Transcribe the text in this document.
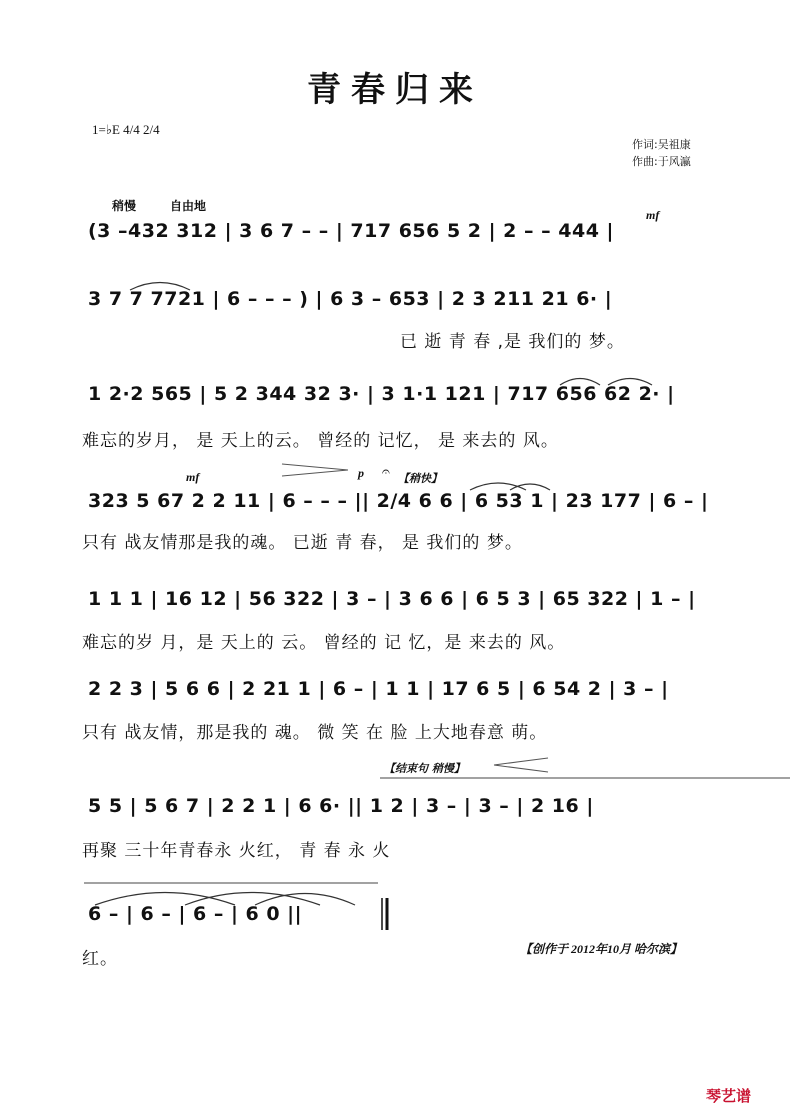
青春归来
1=♭E 4/4 2/4
作词:吴祖康
作曲:于风瀛
稍慢	自由地
mf
(3 –432 312 | 3 6 7 – – | 717 656 5 2 | 2 – – 444 |
3 7 7 7721 | 6 – – – ) | 6 3 – 653 | 2 3 211 21 6· |
已 逝 青 春 ,是 我们的 梦。
1 2·2 565 | 5 2 344 32 3· | 3 1·1 121 | 717 656 62 2· |
难忘的岁月， 是 天上的云。 曾经的 记忆， 是 来去的 风。
mf	p 𝄐 【稍快】
323 5 67 2 2 11 | 6 – – – || 2/4 6 6 | 6 53 1 | 23 177 | 6 – |
只有 战友情那是我的魂。 已逝 青 春， 是 我们的 梦。
1 1 1 | 16 12 | 56 322 | 3 – | 3 6 6 | 6 5 3 | 65 322 | 1 – |
难忘的岁 月，是 天上的 云。 曾经的 记 忆，是 来去的 风。
2 2 3 | 5 6 6 | 2 21 1 | 6 – | 1 1 | 17 6 5 | 6 54 2 | 3 – |
只有 战友情，那是我的 魂。 微 笑 在 脸 上大地春意 萌。
【结束句 稍慢】
5 5 | 5 6 7 | 2 2 1 | 6 6· || 1 2 | 3 – | 3 – | 2 16 |
再聚 三十年青春永 火红， 青 春 永 火
6 – | 6 – | 6 – | 6 0 ||
红。	【创作于 2012年10月 哈尔滨】
琴艺谱
